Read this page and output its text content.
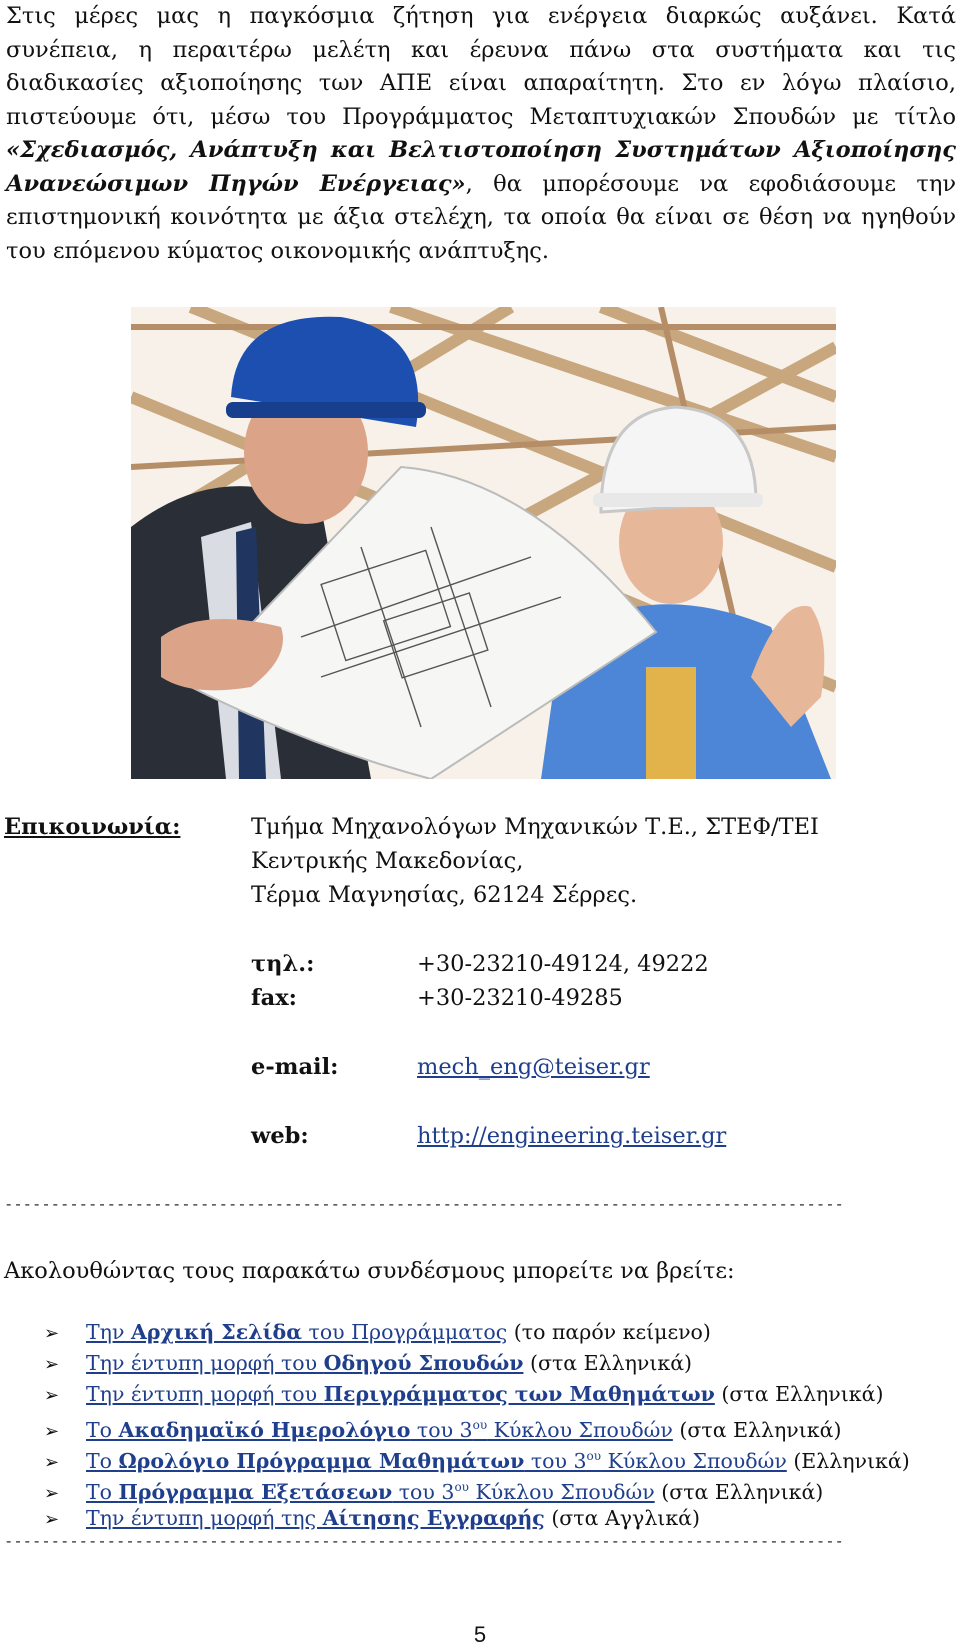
Στις μέρες μας η παγκόσμια ζήτηση για ενέργεια διαρκώς αυξάνει. Κατά συνέπεια, η περαιτέρω μελέτη και έρευνα πάνω στα συστήματα και τις διαδικασίες αξιοποίησης των ΑΠΕ είναι απαραίτητη. Στο εν λόγω πλαίσιο, πιστεύουμε ότι, μέσω του Προγράμματος Μεταπτυχιακών Σπουδών με τίτλο «Σχεδιασμός, Ανάπτυξη και Βελτιστοποίηση Συστημάτων Αξιοποίησης Ανανεώσιμων Πηγών Ενέργειας», θα μπορέσουμε να εφοδιάσουμε την επιστημονική κοινότητα με άξια στελέχη, τα οποία θα είναι σε θέση να ηγηθούν του επόμενου κύματος οικονομικής ανάπτυξης.

Επικοινωνία:	Τμήμα Μηχανολόγων Μηχανικών Τ.Ε., ΣΤΕΦ/ΤΕΙ
Κεντρικής Μακεδονίας,
Τέρμα Μαγνησίας, 62124 Σέρρες.
τηλ.:	+30-23210-49124, 49222
fax:	+30-23210-49285
e-mail:	mech_eng@teiser.gr
web:	http://engineering.teiser.gr
------------------------------------------------------------------------------------------
Ακολουθώντας τους παρακάτω συνδέσμους μπορείτε να βρείτε:
➢ Την Αρχική Σελίδα του Προγράμματος (το παρόν κείμενο)
➢ Την έντυπη μορφή του Οδηγού Σπουδών (στα Ελληνικά)
➢ Την έντυπη μορφή του Περιγράμματος των Μαθημάτων (στα Ελληνικά)
➢ Το Ακαδημαϊκό Ημερολόγιο του 3$^{o\upsilon}$ Κύκλου Σπουδών (στα Ελληνικά)
➢ Το Ωρολόγιο Πρόγραμμα Μαθημάτων του 3$^{o\upsilon}$ Κύκλου Σπουδών (Ελληνικά)
➢ Το Πρόγραμμα Εξετάσεων του 3$^{o\upsilon}$ Κύκλου Σπουδών (στα Ελληνικά)
➢ Την έντυπη μορφή της Αίτησης Εγγραφής (στα Αγγλικά)
------------------------------------------------------------------------------------------
5
